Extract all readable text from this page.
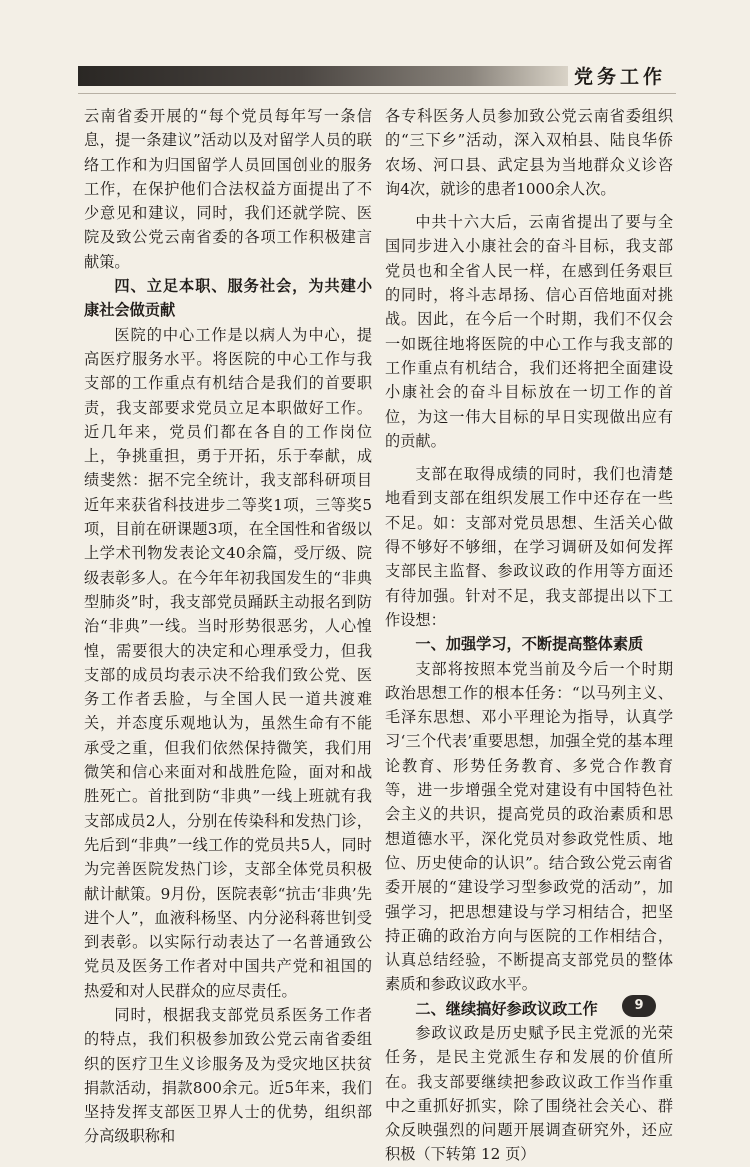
党务工作

云南省委开展的“每个党员每年写一条信息，提一条建议”活动以及对留学人员的联络工作和为归国留学人员回国创业的服务工作，在保护他们合法权益方面提出了不少意见和建议，同时，我们还就学院、医院及致公党云南省委的各项工作积极建言献策。

四、立足本职、服务社会，为共建小康社会做贡献

医院的中心工作是以病人为中心，提高医疗服务水平。将医院的中心工作与我支部的工作重点有机结合是我们的首要职责，我支部要求党员立足本职做好工作。近几年来，党员们都在各自的工作岗位上，争挑重担，勇于开拓，乐于奉献，成绩斐然：据不完全统计，我支部科研项目近年来获省科技进步二等奖1项，三等奖5项，目前在研课题3项，在全国性和省级以上学术刊物发表论文40余篇，受厅级、院级表彰多人。在今年年初我国发生的“非典型肺炎”时，我支部党员踊跃主动报名到防治“非典”一线。当时形势很恶劣，人心惶惶，需要很大的决定和心理承受力，但我支部的成员均表示决不给我们致公党、医务工作者丢脸，与全国人民一道共渡难关，并态度乐观地认为，虽然生命有不能承受之重，但我们依然保持微笑，我们用微笑和信心来面对和战胜危险，面对和战胜死亡。首批到防“非典”一线上班就有我支部成员2人，分别在传染科和发热门诊，先后到“非典”一线工作的党员共5人，同时为完善医院发热门诊，支部全体党员积极献计献策。9月份，医院表彰“抗击‘非典’先进个人”，血液科杨坚、内分泌科蒋世钊受到表彰。以实际行动表达了一名普通致公党员及医务工作者对中国共产党和祖国的热爱和对人民群众的应尽责任。

同时，根据我支部党员系医务工作者的特点，我们积极参加致公党云南省委组织的医疗卫生义诊服务及为受灾地区扶贫捐款活动，捐款800余元。近5年来，我们坚持发挥支部医卫界人士的优势，组织部分高级职称和

各专科医务人员参加致公党云南省委组织的“三下乡”活动，深入双柏县、陆良华侨农场、河口县、武定县为当地群众义诊咨询4次，就诊的患者1000余人次。

中共十六大后，云南省提出了要与全国同步进入小康社会的奋斗目标，我支部党员也和全省人民一样，在感到任务艰巨的同时，将斗志昂扬、信心百倍地面对挑战。因此，在今后一个时期，我们不仅会一如既往地将医院的中心工作与我支部的工作重点有机结合，我们还将把全面建设小康社会的奋斗目标放在一切工作的首位，为这一伟大目标的早日实现做出应有的贡献。

支部在取得成绩的同时，我们也清楚地看到支部在组织发展工作中还存在一些不足。如：支部对党员思想、生活关心做得不够好不够细，在学习调研及如何发挥支部民主监督、参政议政的作用等方面还有待加强。针对不足，我支部提出以下工作设想：

一、加强学习，不断提高整体素质

支部将按照本党当前及今后一个时期政治思想工作的根本任务：“以马列主义、毛泽东思想、邓小平理论为指导，认真学习‘三个代表’重要思想，加强全党的基本理论教育、形势任务教育、多党合作教育等，进一步增强全党对建设有中国特色社会主义的共识，提高党员的政治素质和思想道德水平，深化党员对参政党性质、地位、历史使命的认识”。结合致公党云南省委开展的“建设学习型参政党的活动”，加强学习，把思想建设与学习相结合，把坚持正确的政治方向与医院的工作相结合，认真总结经验，不断提高支部党员的整体素质和参政议政水平。

二、继续搞好参政议政工作

参政议政是历史赋予民主党派的光荣任务，是民主党派生存和发展的价值所在。我支部要继续把参政议政工作当作重中之重抓好抓实，除了围绕社会关心、群众反映强烈的问题开展调查研究外，还应积极（下转第 12 页）

9
